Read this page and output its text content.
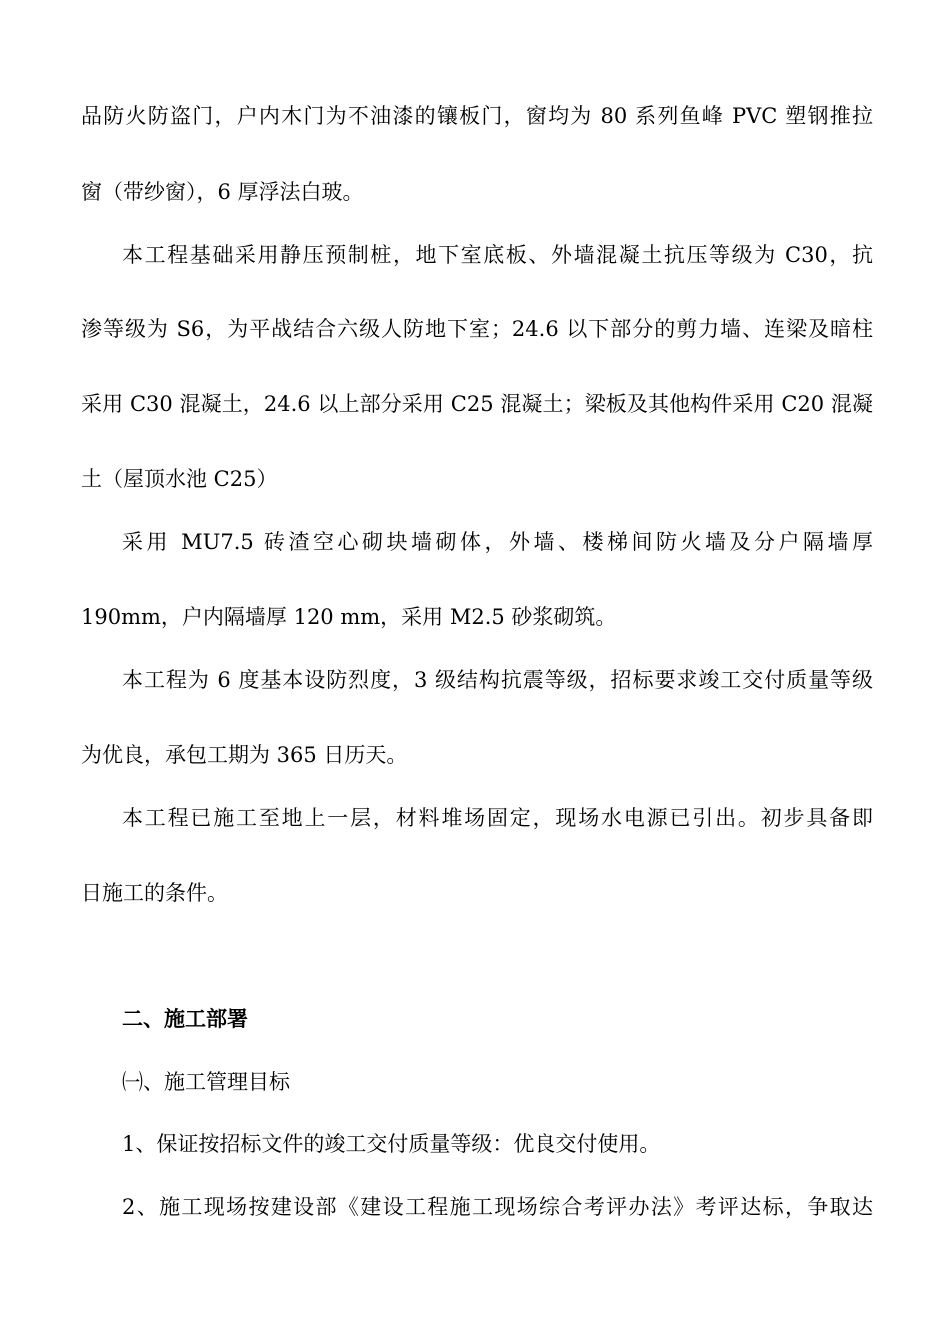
品防火防盗门，户内木门为不油漆的镶板门，窗均为 80 系列鱼峰 PVC 塑钢推拉
窗（带纱窗），6 厚浮法白玻。
本工程基础采用静压预制桩，地下室底板、外墙混凝土抗压等级为 C30，抗
渗等级为 S6，为平战结合六级人防地下室；24.6 以下部分的剪力墙、连梁及暗柱
采用 C30 混凝土，24.6 以上部分采用 C25 混凝土；梁板及其他构件采用 C20 混凝
土（屋顶水池 C25）
采用 MU7.5 砖渣空心砌块墙砌体，外墙、楼梯间防火墙及分户隔墙厚
190mm，户内隔墙厚 120 mm，采用 M2.5 砂浆砌筑。
本工程为 6 度基本设防烈度，3 级结构抗震等级，招标要求竣工交付质量等级
为优良，承包工期为 365 日历天。
本工程已施工至地上一层，材料堆场固定，现场水电源已引出。初步具备即
日施工的条件。
二、施工部署
㈠、施工管理目标
1、保证按招标文件的竣工交付质量等级：优良交付使用。
2、施工现场按建设部《建设工程施工现场综合考评办法》考评达标，争取达
